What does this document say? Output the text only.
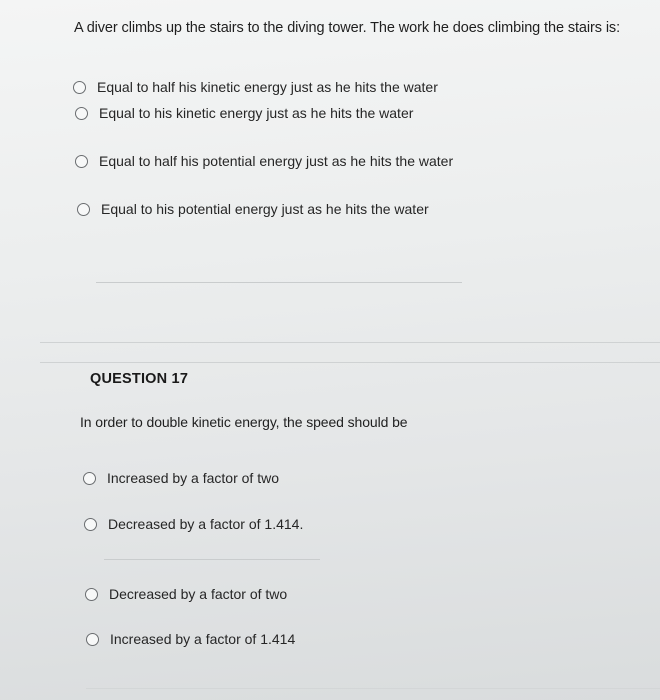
A diver climbs up the stairs to the diving tower. The work he does climbing the stairs is:
Equal to half his kinetic energy just as he hits the water
Equal to his kinetic energy just as he hits the water
Equal to half his potential energy just as he hits the water
Equal to his potential energy just as he hits the water
QUESTION 17
In order to double kinetic energy, the speed should be
Increased by a factor of two
Decreased by a factor of 1.414.
Decreased by a factor of two
Increased by a factor of 1.414
